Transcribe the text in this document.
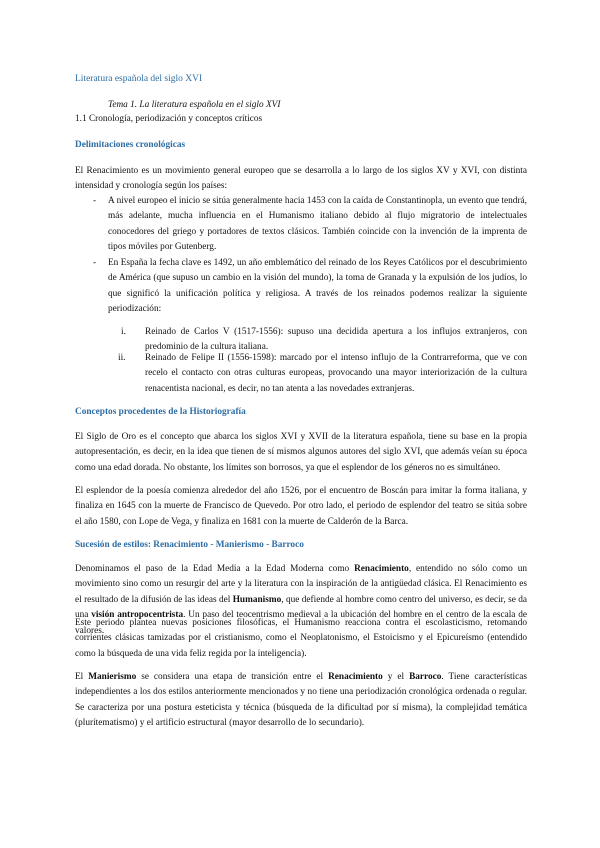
Literatura española del siglo XVI
Tema 1. La literatura española en el siglo XVI
1.1 Cronología, periodización y conceptos críticos
Delimitaciones cronológicas

El Renacimiento es un movimiento general europeo que se desarrolla a lo largo de los siglos XV y XVI, con distinta intensidad y cronología según los países:

- A nivel europeo el inicio se sitúa generalmente hacia 1453 con la caída de Constantinopla, un evento que tendrá, más adelante, mucha influencia en el Humanismo italiano debido al flujo migratorio de intelectuales conocedores del griego y portadores de textos clásicos. También coincide con la invención de la imprenta de tipos móviles por Gutenberg.

- En España la fecha clave es 1492, un año emblemático del reinado de los Reyes Católicos por el descubrimiento de América (que supuso un cambio en la visión del mundo), la toma de Granada y la expulsión de los judíos, lo que significó la unificación política y religiosa. A través de los reinados podemos realizar la siguiente periodización:

i. Reinado de Carlos V (1517-1556): supuso una decidida apertura a los influjos extranjeros, con predominio de la cultura italiana.

ii. Reinado de Felipe II (1556-1598): marcado por el intenso influjo de la Contrarreforma, que ve con recelo el contacto con otras culturas europeas, provocando una mayor interiorización de la cultura renacentista nacional, es decir, no tan atenta a las novedades extranjeras.

Conceptos procedentes de la Historiografía

El Siglo de Oro es el concepto que abarca los siglos XVI y XVII de la literatura española, tiene su base en la propia autopresentación, es decir, en la idea que tienen de sí mismos algunos autores del siglo XVI, que además veían su época como una edad dorada. No obstante, los límites son borrosos, ya que el esplendor de los géneros no es simultáneo.

El esplendor de la poesía comienza alrededor del año 1526, por el encuentro de Boscán para imitar la forma italiana, y finaliza en 1645 con la muerte de Francisco de Quevedo. Por otro lado, el periodo de esplendor del teatro se sitúa sobre el año 1580, con Lope de Vega, y finaliza en 1681 con la muerte de Calderón de la Barca.

Sucesión de estilos: Renacimiento - Manierismo - Barroco

Denominamos el paso de la Edad Media a la Edad Moderna como Renacimiento, entendido no sólo como un movimiento sino como un resurgir del arte y la literatura con la inspiración de la antigüedad clásica. El Renacimiento es el resultado de la difusión de las ideas del Humanismo, que defiende al hombre como centro del universo, es decir, se da una visión antropocentrista. Un paso del teocentrismo medieval a la ubicación del hombre en el centro de la escala de valores.

Este periodo plantea nuevas posiciones filosóficas, el Humanismo reacciona contra el escolasticismo, retomando corrientes clásicas tamizadas por el cristianismo, como el Neoplatonismo, el Estoicismo y el Epicureísmo (entendido como la búsqueda de una vida feliz regida por la inteligencia).

El Manierismo se considera una etapa de transición entre el Renacimiento y el Barroco. Tiene características independientes a los dos estilos anteriormente mencionados y no tiene una periodización cronológica ordenada o regular. Se caracteriza por una postura esteticista y técnica (búsqueda de la dificultad por sí misma), la complejidad temática (plurítematismo) y el artificio estructural (mayor desarrollo de lo secundario).
